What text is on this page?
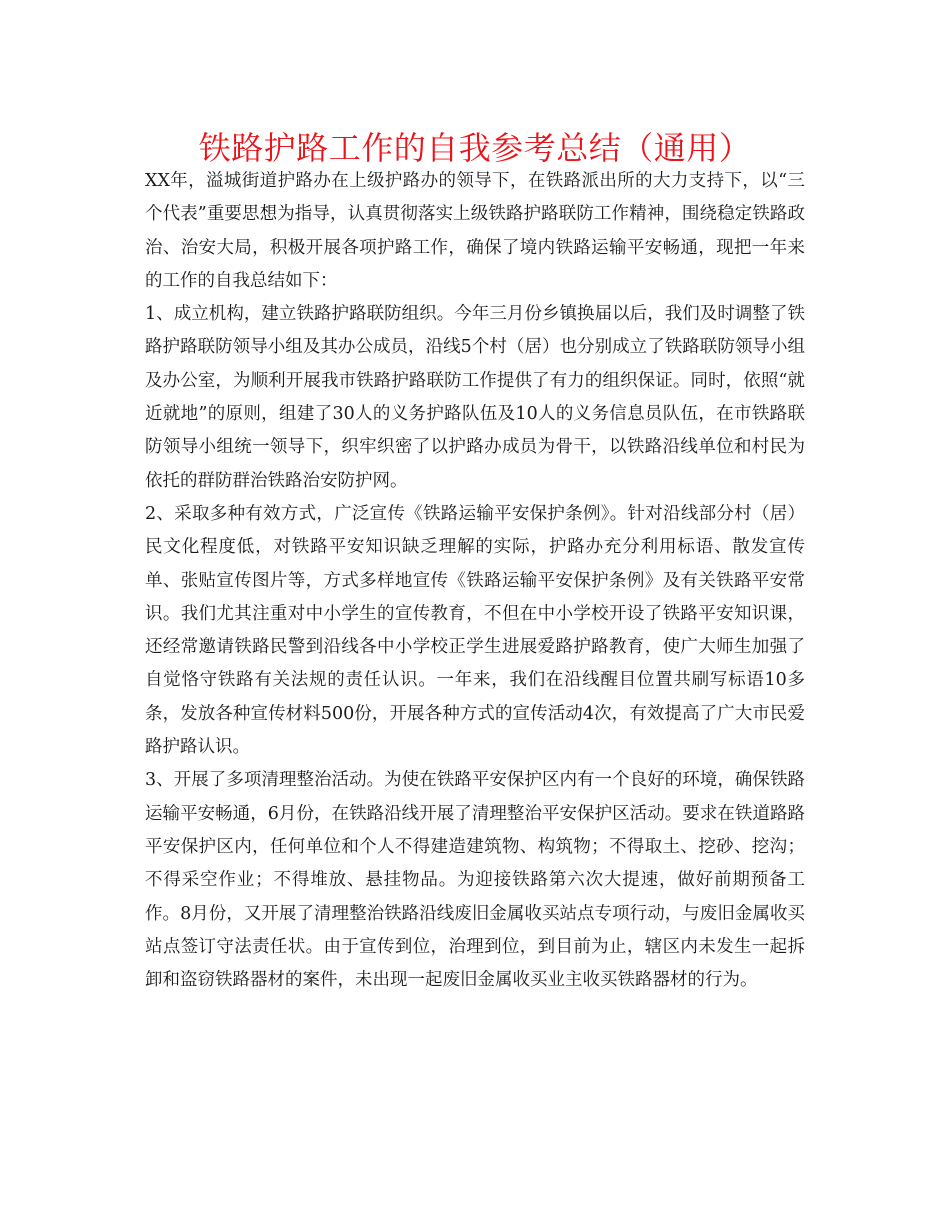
铁路护路工作的自我参考总结（通用）

XX年，溢城街道护路办在上级护路办的领导下，在铁路派出所的大力支持下，以“三个代表”重要思想为指导，认真贯彻落实上级铁路护路联防工作精神，围绕稳定铁路政治、治安大局，积极开展各项护路工作，确保了境内铁路运输平安畅通，现把一年来的工作的自我总结如下：

1、成立机构，建立铁路护路联防组织。今年三月份乡镇换届以后，我们及时调整了铁路护路联防领导小组及其办公成员，沿线5个村（居）也分别成立了铁路联防领导小组及办公室，为顺利开展我市铁路护路联防工作提供了有力的组织保证。同时，依照“就近就地”的原则，组建了30人的义务护路队伍及10人的义务信息员队伍，在市铁路联防领导小组统一领导下，织牢织密了以护路办成员为骨干，以铁路沿线单位和村民为依托的群防群治铁路治安防护网。

2、采取多种有效方式，广泛宣传《铁路运输平安保护条例》。针对沿线部分村（居）民文化程度低，对铁路平安知识缺乏理解的实际，护路办充分利用标语、散发宣传单、张贴宣传图片等，方式多样地宣传《铁路运输平安保护条例》及有关铁路平安常识。我们尤其注重对中小学生的宣传教育，不但在中小学校开设了铁路平安知识课，还经常邀请铁路民警到沿线各中小学校正学生进展爱路护路教育，使广大师生加强了自觉恪守铁路有关法规的责任认识。一年来，我们在沿线醒目位置共刷写标语10多条，发放各种宣传材料500份，开展各种方式的宣传活动4次，有效提高了广大市民爱路护路认识。

3、开展了多项清理整治活动。为使在铁路平安保护区内有一个良好的环境，确保铁路运输平安畅通，6月份，在铁路沿线开展了清理整治平安保护区活动。要求在铁道路路平安保护区内，任何单位和个人不得建造建筑物、构筑物；不得取土、挖砂、挖沟；不得采空作业；不得堆放、悬挂物品。为迎接铁路第六次大提速，做好前期预备工作。8月份，又开展了清理整治铁路沿线废旧金属收买站点专项行动，与废旧金属收买站点签订守法责任状。由于宣传到位，治理到位，到目前为止，辖区内未发生一起拆卸和盗窃铁路器材的案件，未出现一起废旧金属收买业主收买铁路器材的行为。
